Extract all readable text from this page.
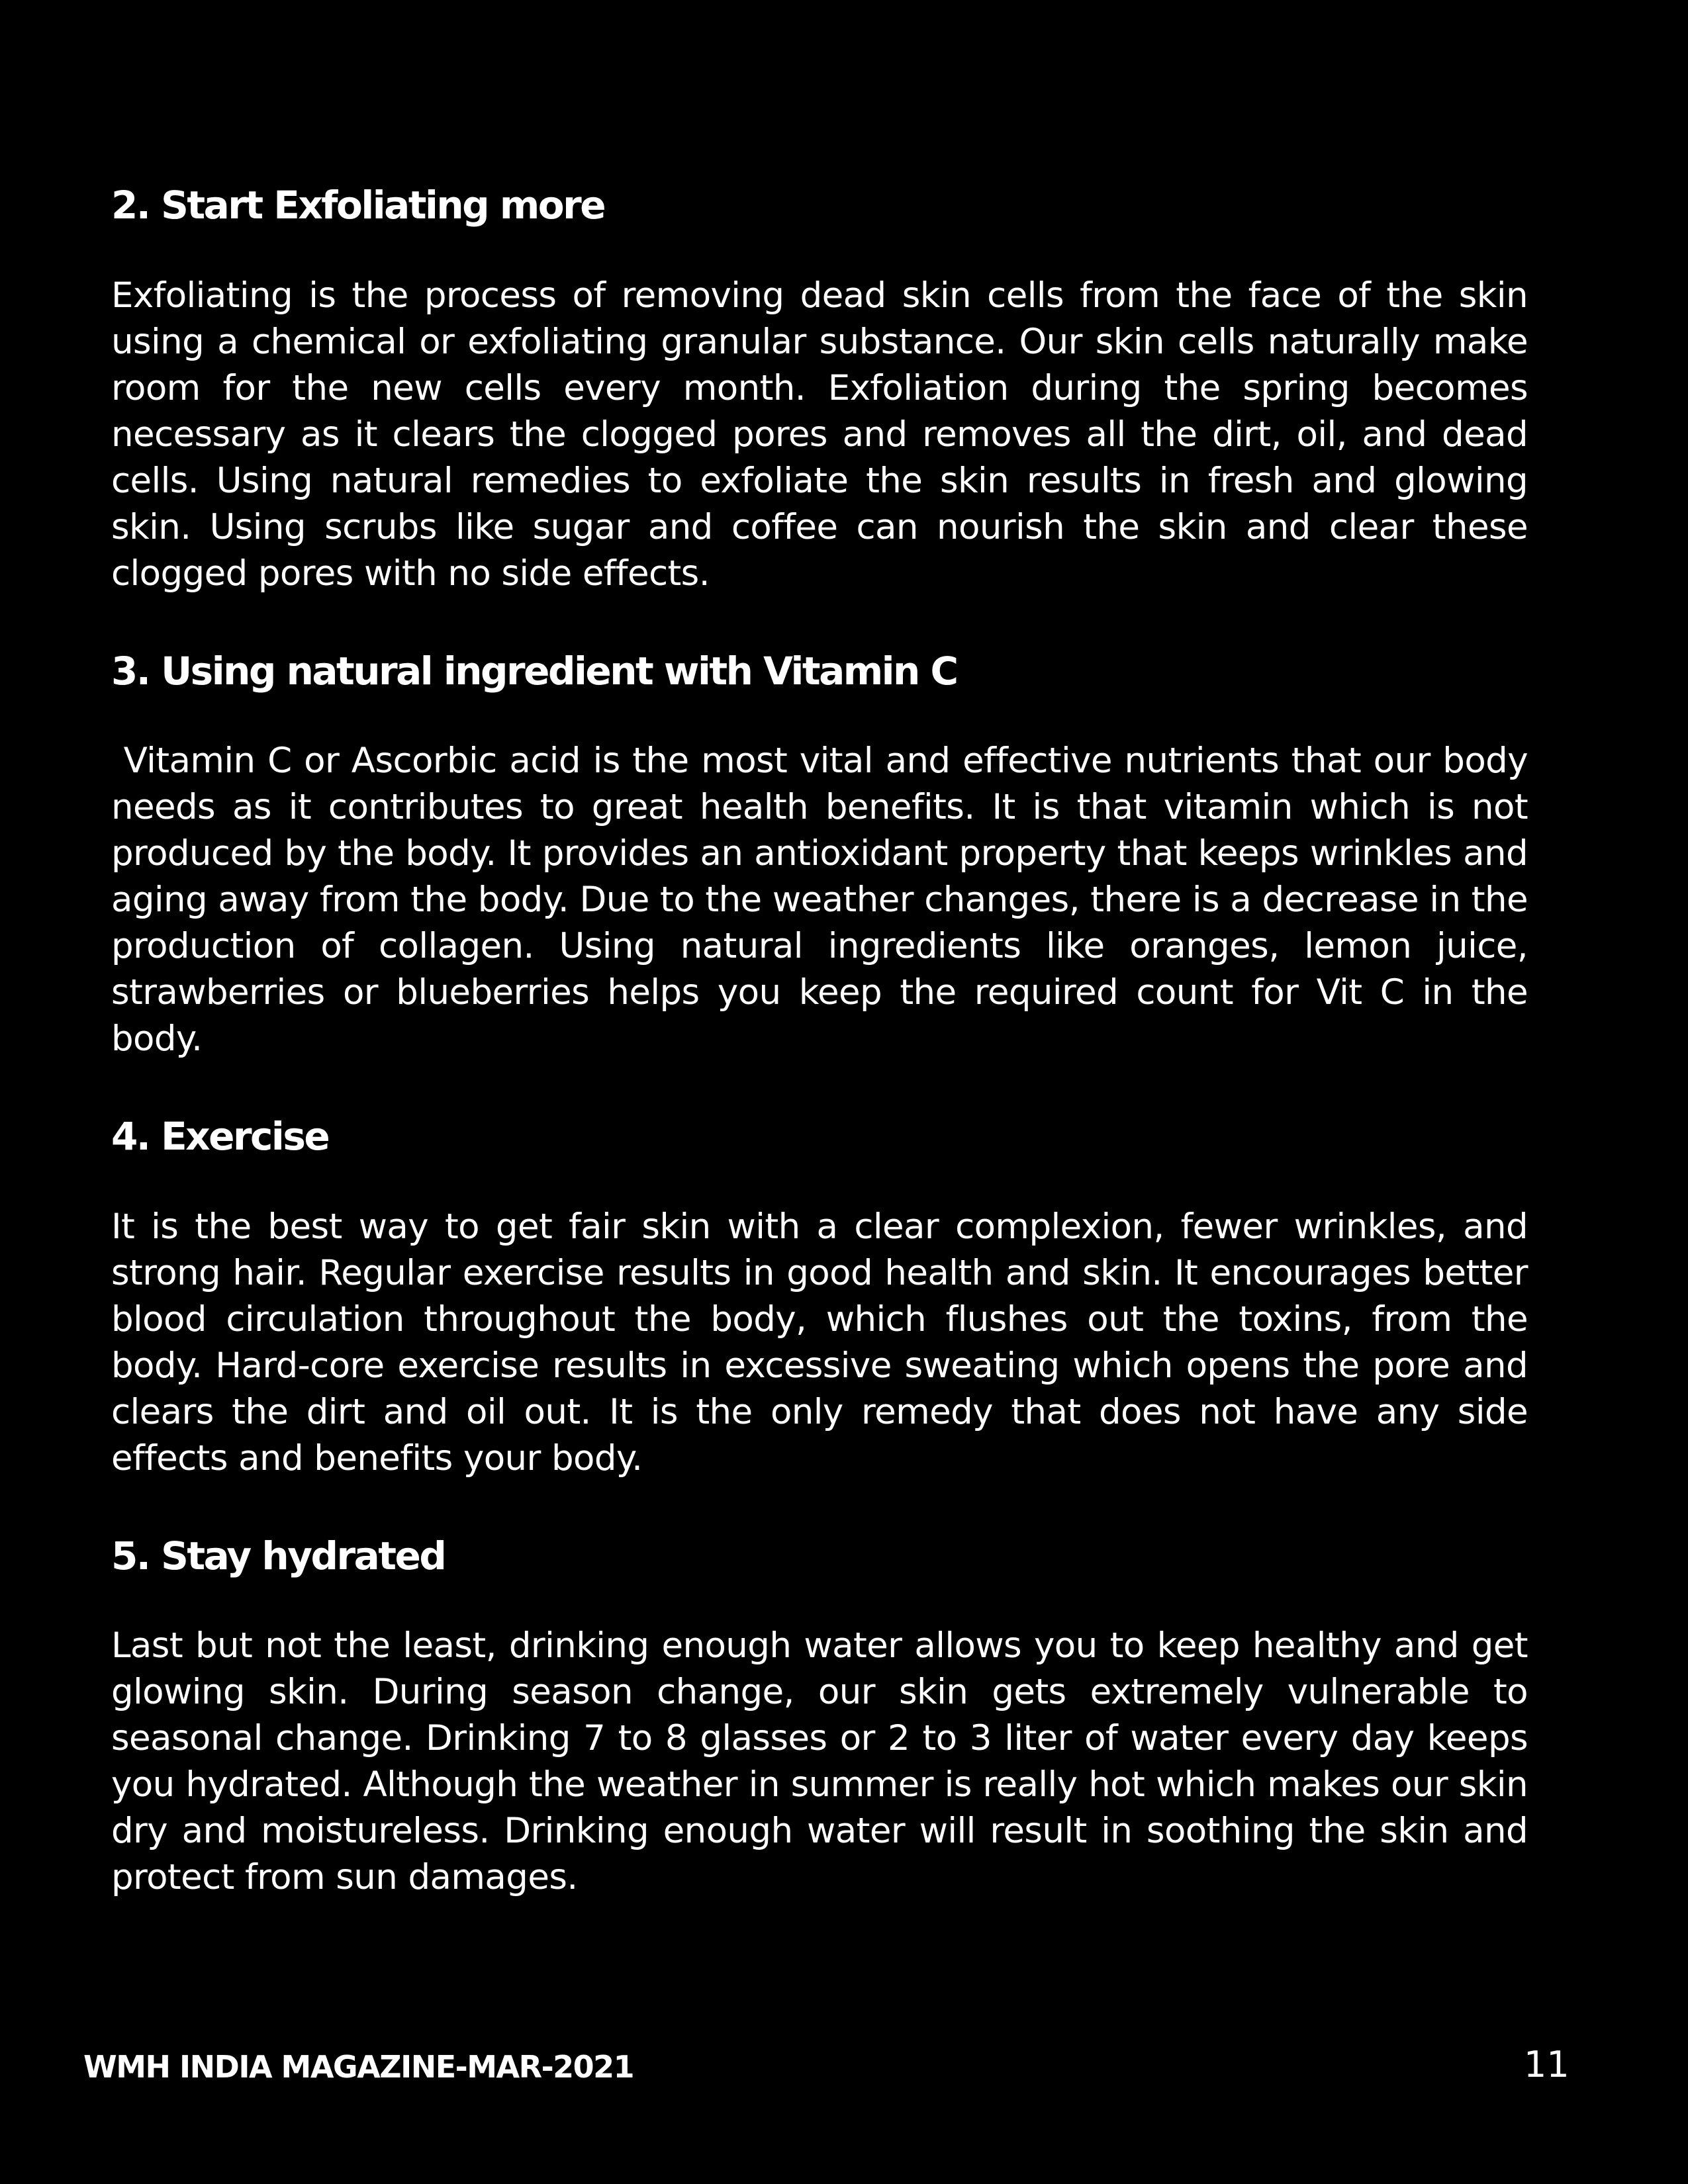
2. Start Exfoliating more

Exfoliating is the process of removing dead skin cells from the face of the skin using a chemical or exfoliating granular substance. Our skin cells naturally make room for the new cells every month. Exfoliation during the spring becomes necessary as it clears the clogged pores and removes all the dirt, oil, and dead cells. Using natural remedies to exfoliate the skin results in fresh and glowing skin. Using scrubs like sugar and coffee can nourish the skin and clear these clogged pores with no side effects.

3. Using natural ingredient with Vitamin C

Vitamin C or Ascorbic acid is the most vital and effective nutrients that our body needs as it contributes to great health benefits. It is that vitamin which is not produced by the body. It provides an antioxidant property that keeps wrinkles and aging away from the body. Due to the weather changes, there is a decrease in the production of collagen. Using natural ingredients like oranges, lemon juice, strawberries or blueberries helps you keep the required count for Vit C in the body.

4. Exercise

It is the best way to get fair skin with a clear complexion, fewer wrinkles, and strong hair. Regular exercise results in good health and skin. It encourages better blood circulation throughout the body, which flushes out the toxins, from the body. Hard-core exercise results in excessive sweating which opens the pore and clears the dirt and oil out. It is the only remedy that does not have any side effects and benefits your body.

5. Stay hydrated

Last but not the least, drinking enough water allows you to keep healthy and get glowing skin. During season change, our skin gets extremely vulnerable to seasonal change. Drinking 7 to 8 glasses or 2 to 3 liter of water every day keeps you hydrated. Although the weather in summer is really hot which makes our skin dry and moistureless. Drinking enough water will result in soothing the skin and protect from sun damages.

WMH INDIA MAGAZINE-MAR-2021	11
